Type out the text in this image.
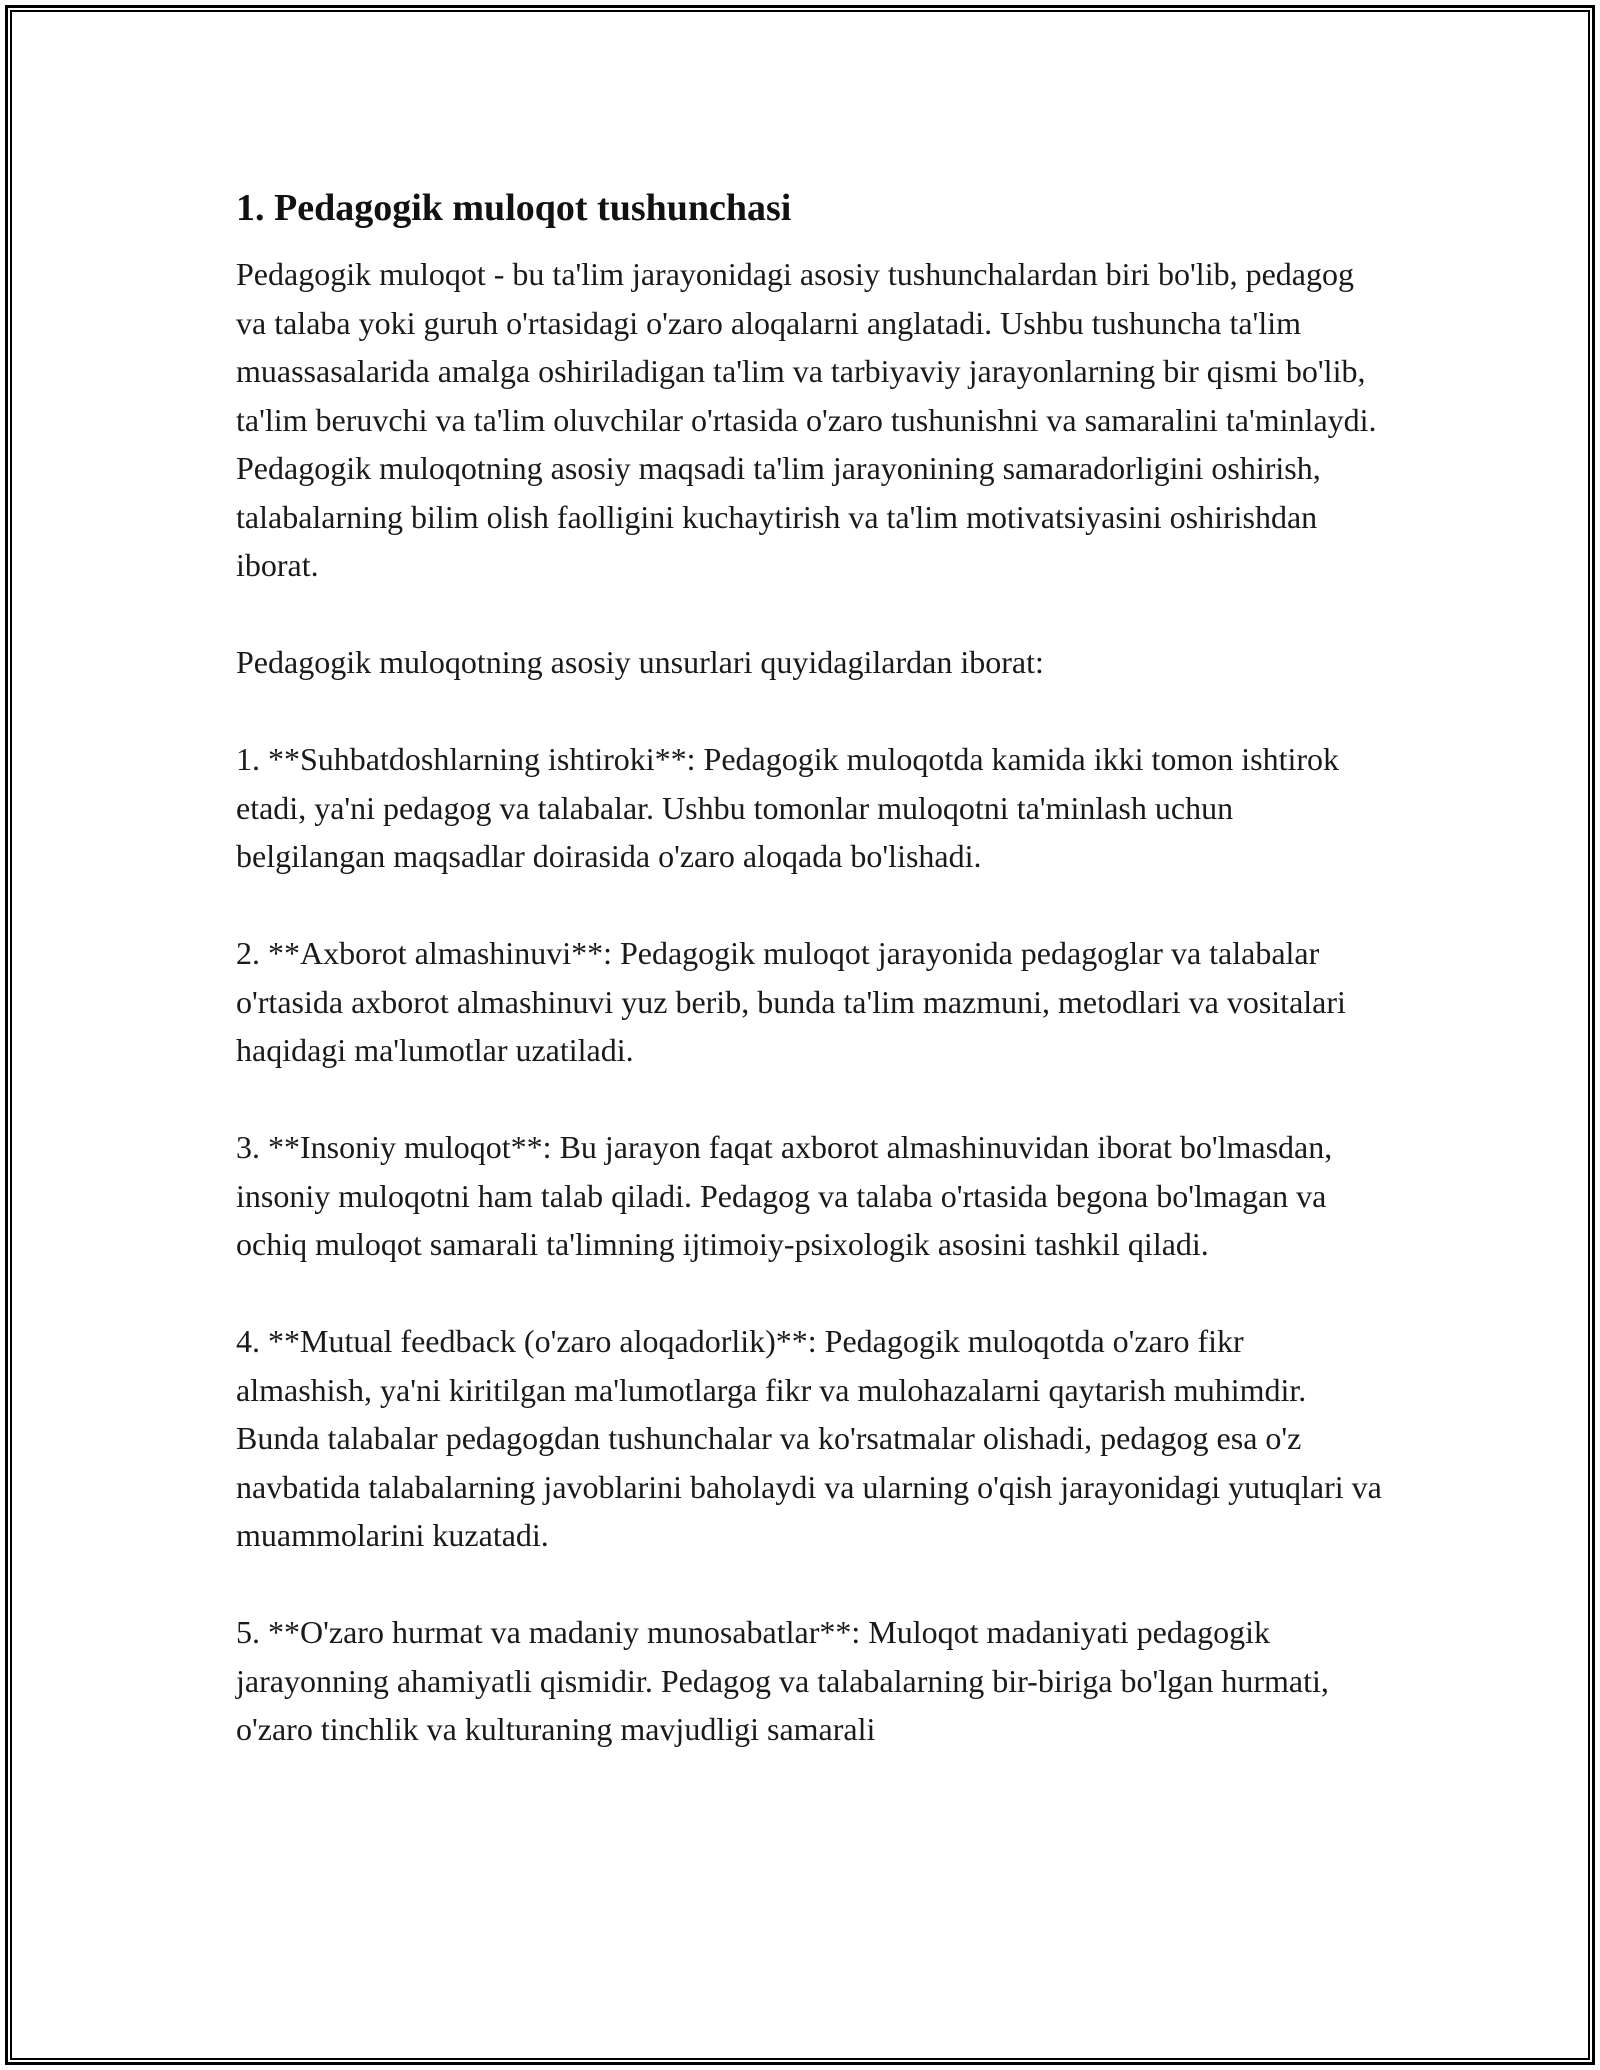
1. Pedagogik muloqot tushunchasi

Pedagogik muloqot - bu ta'lim jarayonidagi asosiy tushunchalardan biri bo'lib, pedagog va talaba yoki guruh o'rtasidagi o'zaro aloqalarni anglatadi. Ushbu tushuncha ta'lim muassasalarida amalga oshiriladigan ta'lim va tarbiyaviy jarayonlarning bir qismi bo'lib, ta'lim beruvchi va ta'lim oluvchilar o'rtasida o'zaro tushunishni va samaralini ta'minlaydi. Pedagogik muloqotning asosiy maqsadi ta'lim jarayonining samaradorligini oshirish, talabalarning bilim olish faolligini kuchaytirish va ta'lim motivatsiyasini oshirishdan iborat.

Pedagogik muloqotning asosiy unsurlari quyidagilardan iborat:

1. **Suhbatdoshlarning ishtiroki**: Pedagogik muloqotda kamida ikki tomon ishtirok etadi, ya'ni pedagog va talabalar. Ushbu tomonlar muloqotni ta'minlash uchun belgilangan maqsadlar doirasida o'zaro aloqada bo'lishadi.

2. **Axborot almashinuvi**: Pedagogik muloqot jarayonida pedagoglar va talabalar o'rtasida axborot almashinuvi yuz berib, bunda ta'lim mazmuni, metodlari va vositalari haqidagi ma'lumotlar uzatiladi.

3. **Insoniy muloqot**: Bu jarayon faqat axborot almashinuvidan iborat bo'lmasdan, insoniy muloqotni ham talab qiladi. Pedagog va talaba o'rtasida begona bo'lmagan va ochiq muloqot samarali ta'limning ijtimoiy-psixologik asosini tashkil qiladi.

4. **Mutual feedback (o'zaro aloqadorlik)**: Pedagogik muloqotda o'zaro fikr almashish, ya'ni kiritilgan ma'lumotlarga fikr va mulohazalarni qaytarish muhimdir. Bunda talabalar pedagogdan tushunchalar va ko'rsatmalar olishadi, pedagog esa o'z navbatida talabalarning javoblarini baholaydi va ularning o'qish jarayonidagi yutuqlari va muammolarini kuzatadi.

5. **O'zaro hurmat va madaniy munosabatlar**: Muloqot madaniyati pedagogik jarayonning ahamiyatli qismidir. Pedagog va talabalarning bir-biriga bo'lgan hurmati, o'zaro tinchlik va kulturaning mavjudligi samarali
